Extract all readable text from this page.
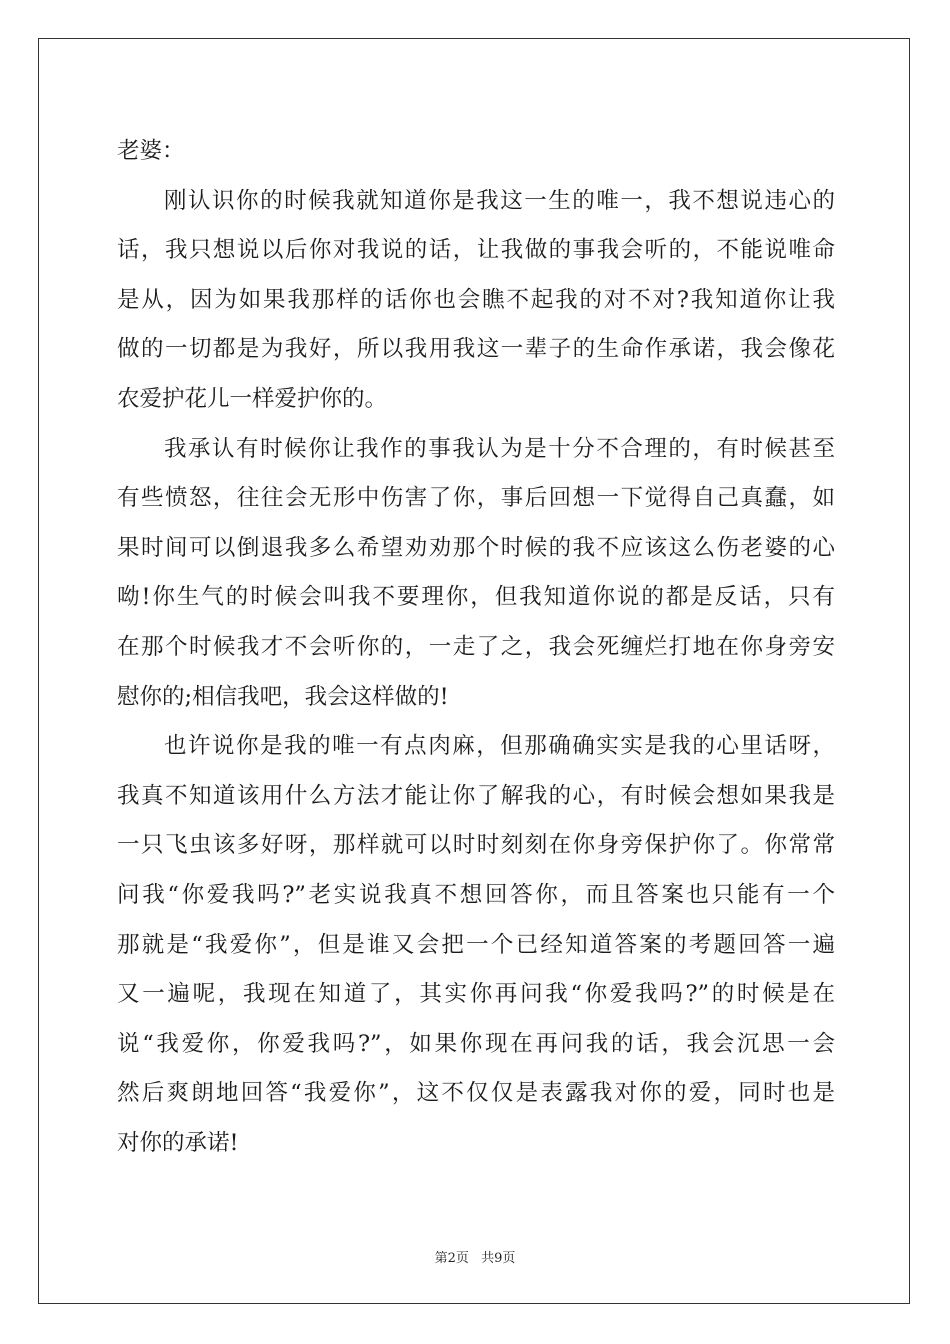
老婆：
刚认识你的时候我就知道你是我这一生的唯一，我不想说违心的
话，我只想说以后你对我说的话，让我做的事我会听的，不能说唯命
是从，因为如果我那样的话你也会瞧不起我的对不对?我知道你让我
做的一切都是为我好，所以我用我这一辈子的生命作承诺，我会像花
农爱护花儿一样爱护你的。
我承认有时候你让我作的事我认为是十分不合理的，有时候甚至
有些愤怒，往往会无形中伤害了你，事后回想一下觉得自己真蠢，如
果时间可以倒退我多么希望劝劝那个时候的我不应该这么伤老婆的心
呦!你生气的时候会叫我不要理你，但我知道你说的都是反话，只有
在那个时候我才不会听你的，一走了之，我会死缠烂打地在你身旁安
慰你的;相信我吧，我会这样做的!
也许说你是我的唯一有点肉麻，但那确确实实是我的心里话呀，
我真不知道该用什么方法才能让你了解我的心，有时候会想如果我是
一只飞虫该多好呀，那样就可以时时刻刻在你身旁保护你了。你常常
问我“你爱我吗?”老实说我真不想回答你，而且答案也只能有一个
那就是“我爱你”，但是谁又会把一个已经知道答案的考题回答一遍
又一遍呢，我现在知道了，其实你再问我“你爱我吗?”的时候是在
说“我爱你，你爱我吗?”，如果你现在再问我的话，我会沉思一会
然后爽朗地回答“我爱你”，这不仅仅是表露我对你的爱，同时也是
对你的承诺!
第2页 共9页
